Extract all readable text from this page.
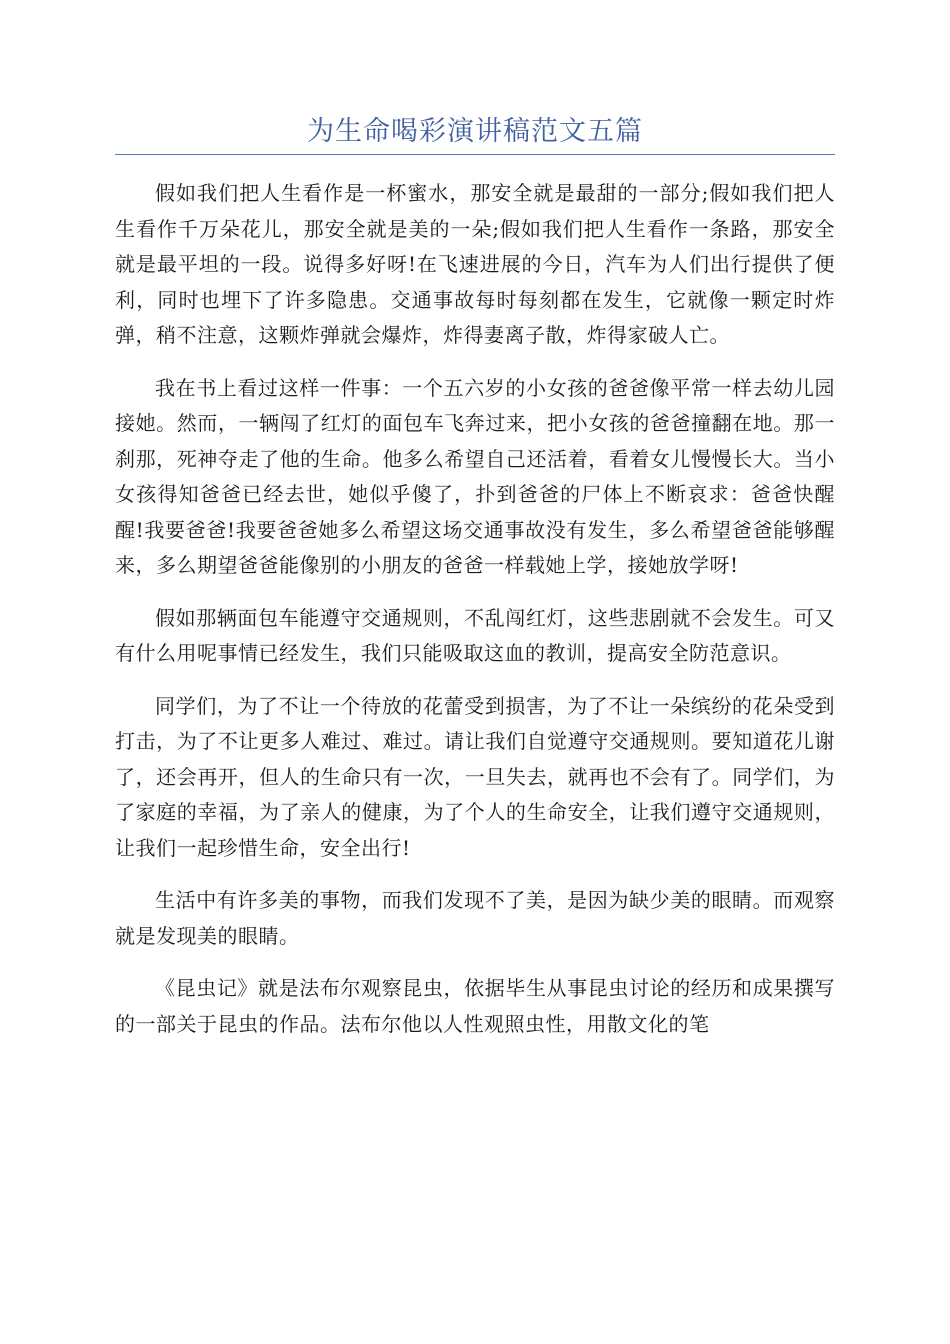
为生命喝彩演讲稿范文五篇

假如我们把人生看作是一杯蜜水，那安全就是最甜的一部分;假如我们把人生看作千万朵花儿，那安全就是美的一朵;假如我们把人生看作一条路，那安全就是最平坦的一段。说得多好呀!在飞速进展的今日，汽车为人们出行提供了便利，同时也埋下了许多隐患。交通事故每时每刻都在发生，它就像一颗定时炸弹，稍不注意，这颗炸弹就会爆炸，炸得妻离子散，炸得家破人亡。

我在书上看过这样一件事：一个五六岁的小女孩的爸爸像平常一样去幼儿园接她。然而，一辆闯了红灯的面包车飞奔过来，把小女孩的爸爸撞翻在地。那一刹那，死神夺走了他的生命。他多么希望自己还活着，看着女儿慢慢长大。当小女孩得知爸爸已经去世，她似乎傻了，扑到爸爸的尸体上不断哀求：爸爸快醒醒!我要爸爸!我要爸爸她多么希望这场交通事故没有发生，多么希望爸爸能够醒来，多么期望爸爸能像别的小朋友的爸爸一样载她上学，接她放学呀!

假如那辆面包车能遵守交通规则，不乱闯红灯，这些悲剧就不会发生。可又有什么用呢事情已经发生，我们只能吸取这血的教训，提高安全防范意识。

同学们，为了不让一个待放的花蕾受到损害，为了不让一朵缤纷的花朵受到打击，为了不让更多人难过、难过。请让我们自觉遵守交通规则。要知道花儿谢了，还会再开，但人的生命只有一次，一旦失去，就再也不会有了。同学们，为了家庭的幸福，为了亲人的健康，为了个人的生命安全，让我们遵守交通规则，让我们一起珍惜生命，安全出行!

生活中有许多美的事物，而我们发现不了美，是因为缺少美的眼睛。而观察就是发现美的眼睛。

《昆虫记》就是法布尔观察昆虫，依据毕生从事昆虫讨论的经历和成果撰写的一部关于昆虫的作品。法布尔他以人性观照虫性，用散文化的笔
